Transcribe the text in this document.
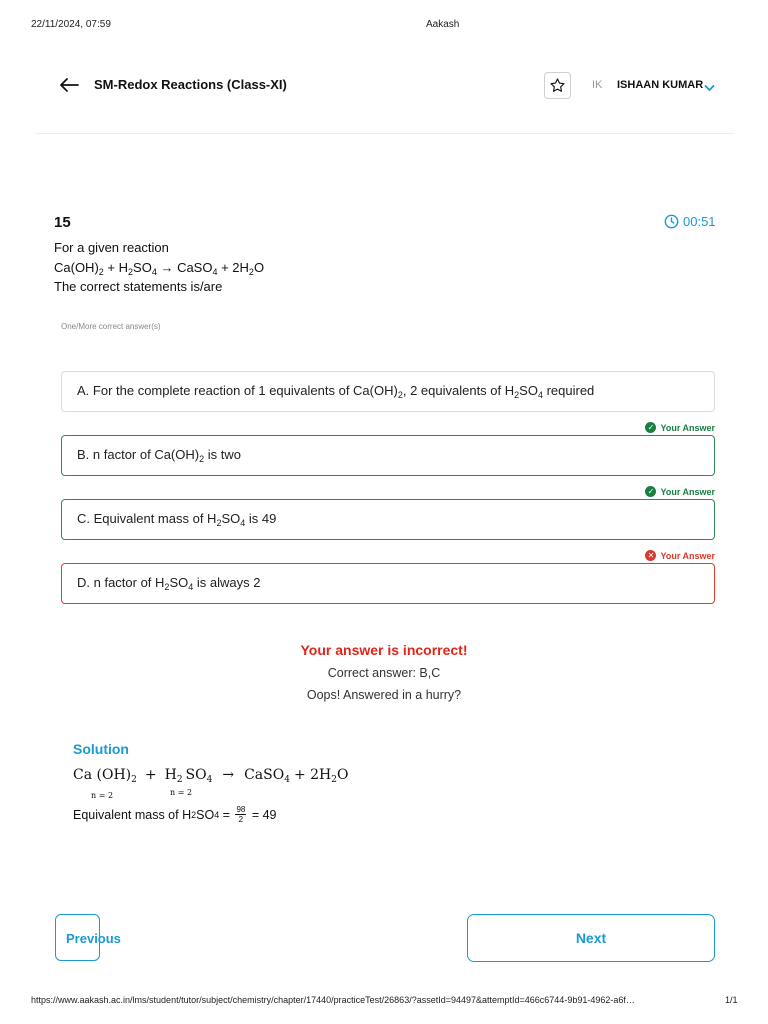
22/11/2024, 07:59	Aakash
SM-Redox Reactions (Class-XI)	IK ISHAAN KUMAR
15	00:51
For a given reaction
$Ca(OH)_2 + H_2SO_4$ → CaSO$_4$ + $2H_2O$
The correct statements is/are
One/More correct answer(s)
A. For the complete reaction of 1 equivalents of $Ca(OH)_2$, 2 equivalents of $H_2SO_4$ required
✓ Your Answer
B. n factor of $Ca(OH)_2$ is two
✓ Your Answer
C. Equivalent mass of $H_2SO_4$ is 49
✕ Your Answer
D. n factor of $H_2SO_4$ is always 2
Your answer is incorrect!
Correct answer: B,C
Oops! Answered in a hurry?
Solution
Ca $(OH)_2 + H_2$ $SO_4$ → CaSO$_4$ + $2H_2O$
n = 2	n = 2
Equivalent mass of H 2 SO $4 = \frac{98}{2} = 49$
Previous	Next
https://www.aakash.ac.in/lms/student/tutor/subject/chemistry/chapter/17440/practiceTest/26863/?assetId=94497&attemptId=466c6744-9b91-4962-a6f…	1/1
